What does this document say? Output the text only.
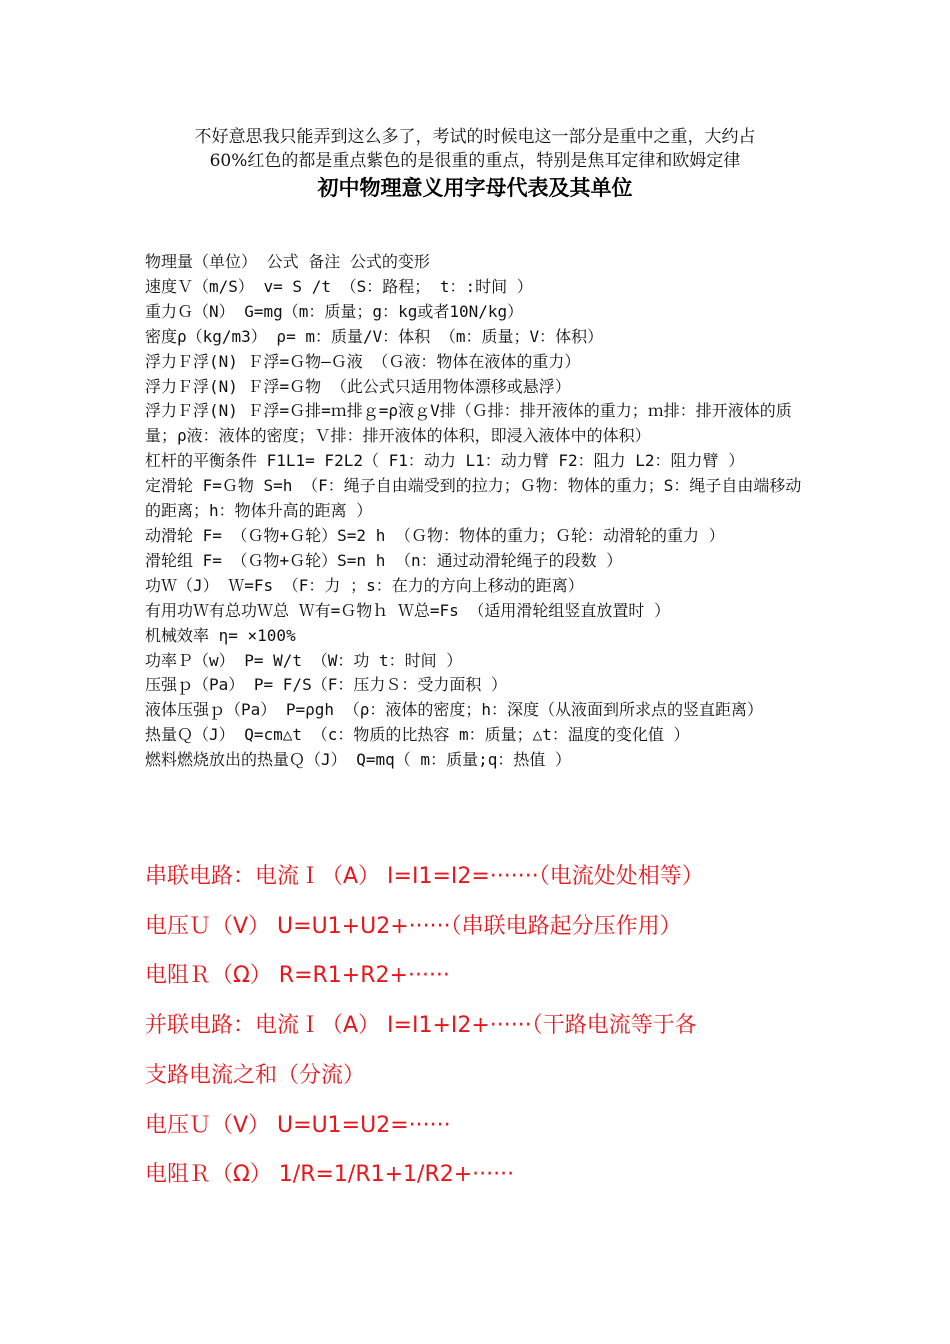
不好意思我只能弄到这么多了，考试的时候电这一部分是重中之重，大约占
60%红色的都是重点紫色的是很重的重点，特别是焦耳定律和欧姆定律
初中物理意义用字母代表及其单位
物理量（单位） 公式 备注 公式的变形
速度Ｖ（m/S） v= S /t （S：路程； t：:时间 ）
重力Ｇ（N） G=mg（m：质量；g：kg或者10N/kg）
密度ρ（kg/m3） ρ= m：质量/V：体积 （m：质量；V：体积）
浮力Ｆ浮(N) Ｆ浮=Ｇ物—Ｇ液 （Ｇ液：物体在液体的重力）
浮力Ｆ浮(N) Ｆ浮=Ｇ物 （此公式只适用物体漂移或悬浮）
浮力Ｆ浮(N) Ｆ浮=Ｇ排=ｍ排ｇ=ρ液ｇV排（Ｇ排：排开液体的重力；ｍ排：排开液体的质量；ρ液：液体的密度；Ｖ排：排开液体的体积，即浸入液体中的体积）
杠杆的平衡条件 F1L1= F2L2（ F1：动力 L1：动力臂 F2：阻力 L2：阻力臂 ）
定滑轮 F=Ｇ物 S=h （F：绳子自由端受到的拉力；Ｇ物：物体的重力；S：绳子自由端移动的距离；h：物体升高的距离 ）
动滑轮 F= （Ｇ物+Ｇ轮）S=2 h （Ｇ物：物体的重力；Ｇ轮：动滑轮的重力 ）
滑轮组 F= （Ｇ物+Ｇ轮）S=n h （n：通过动滑轮绳子的段数 ）
功Ｗ（J） Ｗ=Fs （F：力 ；s：在力的方向上移动的距离）
有用功Ｗ有总功Ｗ总 Ｗ有=Ｇ物ｈ Ｗ总=Fs （适用滑轮组竖直放置时 ）
机械效率 η= ×100%
功率Ｐ（w） P= W/t （W：功 t：时间 ）
压强ｐ（Pa） P= F/S（F：压力Ｓ：受力面积 ）
液体压强ｐ（Pa） P=ρgh （ρ：液体的密度；h：深度（从液面到所求点的竖直距离）
热量Ｑ（J） Q=cm△t （c：物质的比热容 m：质量；△t：温度的变化值 ）
燃料燃烧放出的热量Ｑ（J） Q=mq（ m：质量;q：热值 ）
串联电路：电流Ｉ（A） I=I1=I2=·······（电流处处相等）
电压Ｕ（V） U=U1+U2+······（串联电路起分压作用）
电阻Ｒ（Ω） R=R1+R2+······
并联电路：电流Ｉ（A） I=I1+I2+······（干路电流等于各
支路电流之和（分流）
电压Ｕ（V） U=U1=U2=······
电阻Ｒ（Ω） 1/R=1/R1+1/R2+······
